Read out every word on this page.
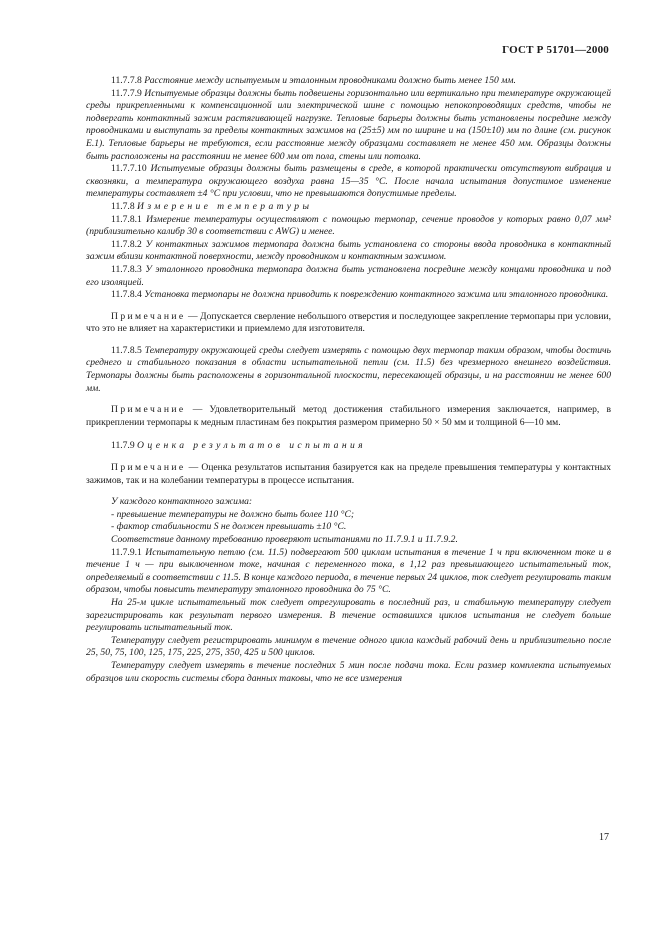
ГОСТ Р 51701—2000

11.7.7.8 Расстояние между испытуемым и эталонным проводниками должно быть менее 150 мм.

11.7.7.9 Испытуемые образцы должны быть подвешены горизонтально или вертикально при температуре окружающей среды прикрепленными к компенсационной или электрической шине с помощью непокопроводящих средств, чтобы не подвергать контактный зажим растягивающей нагрузке. Тепловые барьеры должны быть установлены посредине между проводниками и выступать за пределы контактных зажимов на (25±5) мм по ширине и на (150±10) мм по длине (см. рисунок Е.1). Тепловые барьеры не требуются, если расстояние между образцами составляет не менее 450 мм. Образцы должны быть расположены на расстоянии не менее 600 мм от пола, стены или потолка.

11.7.7.10 Испытуемые образцы должны быть размещены в среде, в которой практически отсутствуют вибрация и сквозняки, а температура окружающего воздуха равна 15—35 °С. После начала испытания допустимое изменение температуры составляет ±4 °С при условии, что не превышаются допустимые пределы.

11.7.8 Измерение температуры

11.7.8.1 Измерение температуры осуществляют с помощью термопар, сечение проводов у которых равно 0,07 мм² (приблизительно калибр 30 в соответствии с AWG) и менее.

11.7.8.2 У контактных зажимов термопара должна быть установлена со стороны ввода проводника в контактный зажим вблизи контактной поверхности, между проводником и контактным зажимом.

11.7.8.3 У эталонного проводника термопара должна быть установлена посредине между концами проводника и под его изоляцией.

11.7.8.4 Установка термопары не должна приводить к повреждению контактного зажима или эталонного проводника.

Примечание — Допускается сверление небольшого отверстия и последующее закрепление термопары при условии, что это не влияет на характеристики и приемлемо для изготовителя.

11.7.8.5 Температуру окружающей среды следует измерять с помощью двух термопар таким образом, чтобы достичь среднего и стабильного показания в области испытательной петли (см. 11.5) без чрезмерного внешнего воздействия. Термопары должны быть расположены в горизонтальной плоскости, пересекающей образцы, и на расстоянии не менее 600 мм.

Примечание — Удовлетворительный метод достижения стабильного измерения заключается, например, в прикреплении термопары к медным пластинам без покрытия размером примерно 50 × 50 мм и толщиной 6—10 мм.

11.7.9 Оценка результатов испытания

Примечание — Оценка результатов испытания базируется как на пределе превышения температуры у контактных зажимов, так и на колебании температуры в процессе испытания.

У каждого контактного зажима:

- превышение температуры не должно быть более 110 °С;

- фактор стабильности S не должен превышать ±10 °С.

Соответствие данному требованию проверяют испытаниями по 11.7.9.1 и 11.7.9.2.

11.7.9.1 Испытательную петлю (см. 11.5) подвергают 500 циклам испытания в течение 1 ч при включенном токе и в течение 1 ч — при выключенном токе, начиная с переменного тока, в 1,12 раз превышающего испытательный ток, определяемый в соответствии с 11.5. В конце каждого периода, в течение первых 24 циклов, ток следует регулировать таким образом, чтобы повысить температуру эталонного проводника до 75 °С.

На 25-м цикле испытательный ток следует отрегулировать в последний раз, и стабильную температуру следует зарегистрировать как результат первого измерения. В течение оставшихся циклов испытания не следует больше регулировать испытательный ток.

Температуру следует регистрировать минимум в течение одного цикла каждый рабочий день и приблизительно после 25, 50, 75, 100, 125, 175, 225, 275, 350, 425 и 500 циклов.

Температуру следует измерять в течение последних 5 мин после подачи тока. Если размер комплекта испытуемых образцов или скорость системы сбора данных таковы, что не все измерения

17
